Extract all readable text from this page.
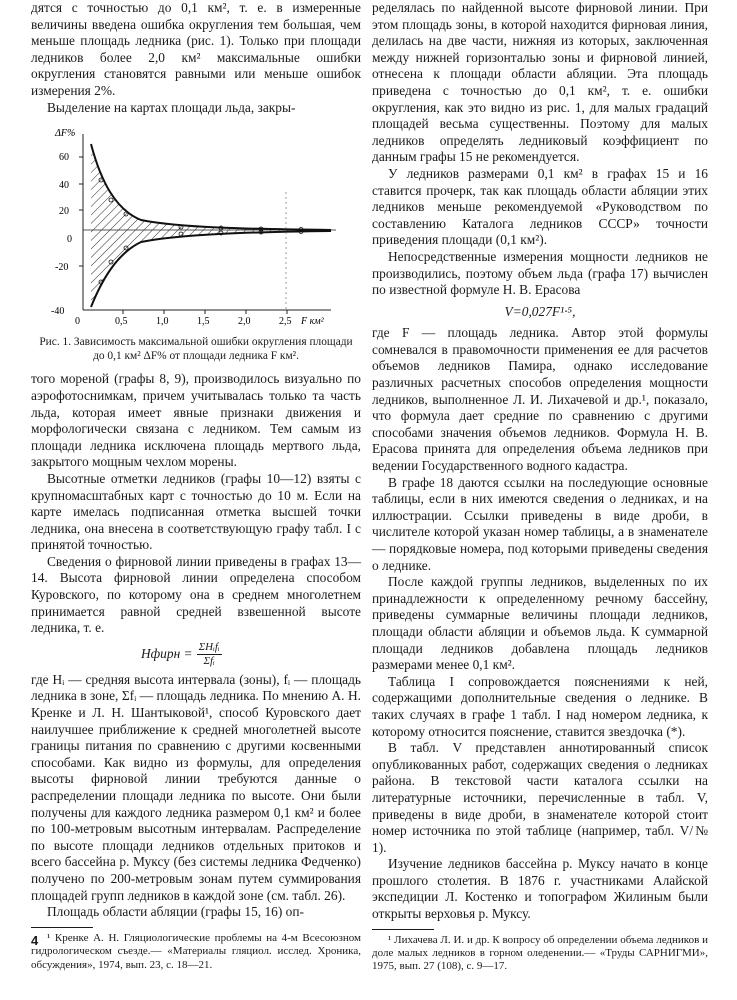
дятся с точностью до 0,1 км², т. е. в измеренные величины введена ошибка округления тем большая, чем меньше площадь ледника (рис. 1). Только при площади ледников более 2,0 км² максимальные ошибки округления становятся равными или меньше ошибок измерения 2%.

Выделение на картах площади льда, закры-

ΔF%
60
40
20
0
-20
-40
0	0,5	1,0	1,5	2,0	2,5 F км²
Рис. 1. Зависимость максимальной ошибки округления площади до 0,1 км² ΔF% от площади ледника F км².

того мореной (графы 8, 9), производилось визуально по аэрофотоснимкам, причем учитывалась только та часть льда, которая имеет явные признаки движения и морфологически связана с ледником. Тем самым из площади ледника исключена площадь мертвого льда, закрытого мощным чехлом морены.

Высотные отметки ледников (графы 10—12) взяты с крупномасштабных карт с точностью до 10 м. Если на карте имелась подписанная отметка высшей точки ледника, она внесена в соответствующую графу табл. I с принятой точностью.

Сведения о фирновой линии приведены в графах 13—14. Высота фирновой линии определена способом Куровского, по которому она в среднем многолетнем принимается равной средней взвешенной высоте ледника, т. е.

Hфирн = $\frac{\text{ΣHᵢfᵢ}}{\text{Σfᵢ}}$

где Hᵢ — средняя высота интервала (зоны), fᵢ — площадь ледника в зоне, Σfᵢ — площадь ледника. По мнению А. Н. Кренке и Л. Н. Шантыковой¹, способ Куровского дает наилучшее приближение к средней многолетней высоте границы питания по сравнению с другими косвенными способами. Как видно из формулы, для определения высоты фирновой линии требуются данные о распределении площади ледника по высоте. Они были получены для каждого ледника размером 0,1 км² и более по 100-метровым высотным интервалам. Распределение по высоте площади ледников отдельных притоков и всего бассейна р. Муксу (без системы ледника Федченко) получено по 200-метровым зонам путем суммирования площадей групп ледников в каждой зоне (см. табл. 26).

Площадь области абляции (графы 15, 16) оп-

¹ Кренке А. Н. Гляциологические проблемы на 4-м Всесоюзном гидрологическом съезде.— «Материалы гляциол. исслед. Хроника, обсуждения», 1974, вып. 23, с. 18—21.

ределялась по найденной высоте фирновой линии. При этом площадь зоны, в которой находится фирновая линия, делилась на две части, нижняя из которых, заключенная между нижней горизонталью зоны и фирновой линией, отнесена к площади области абляции. Эта площадь приведена с точностью до 0,1 км², т. е. ошибки округления, как это видно из рис. 1, для малых градаций площадей весьма существенны. Поэтому для малых ледников определять ледниковый коэффициент по данным графы 15 не рекомендуется.

У ледников размерами 0,1 км² в графах 15 и 16 ставится прочерк, так как площадь области абляции этих ледников меньше рекомендуемой «Руководством по составлению Каталога ледников СССР» точности приведения площади (0,1 км²).

Непосредственные измерения мощности ледников не производились, поэтому объем льда (графа 17) вычислен по известной формуле Н. В. Ерасова

V=0,027F¹·⁵,

где F — площадь ледника. Автор этой формулы сомневался в правомочности применения ее для расчетов объемов ледников Памира, однако исследование различных расчетных способов определения мощности ледников, выполненное Л. И. Лихачевой и др.¹, показало, что формула дает средние по сравнению с другими способами значения объемов ледников. Формула Н. В. Ерасова принята для определения объема ледников при ведении Государственного водного кадастра.

В графе 18 даются ссылки на последующие основные таблицы, если в них имеются сведения о ледниках, и на иллюстрации. Ссылки приведены в виде дроби, в числителе которой указан номер таблицы, а в знаменателе — порядковые номера, под которыми приведены сведения о леднике.

После каждой группы ледников, выделенных по их принадлежности к определенному речному бассейну, приведены суммарные величины площади ледников, площади области абляции и объемов льда. К суммарной площади ледников добавлена площадь ледников размерами менее 0,1 км².

Таблица I сопровождается пояснениями к ней, содержащими дополнительные сведения о леднике. В таких случаях в графе 1 табл. I над номером ледника, к которому относится пояснение, ставится звездочка (*).

В табл. V представлен аннотированный список опубликованных работ, содержащих сведения о ледниках района. В текстовой части каталога ссылки на литературные источники, перечисленные в табл. V, приведены в виде дроби, в знаменателе которой стоит номер источника по этой таблице (например, табл. V/№ 1).

Изучение ледников бассейна р. Муксу начато в конце прошлого столетия. В 1876 г. участниками Алайской экспедиции Л. Костенко и топографом Жилиным были открыты верховья р. Муксу.

¹ Лихачева Л. И. и др. К вопросу об определении объема ледников и доле малых ледников в горном оледенении.— «Труды САРНИГМИ», 1975, вып. 27 (108), с. 9—17.

4
